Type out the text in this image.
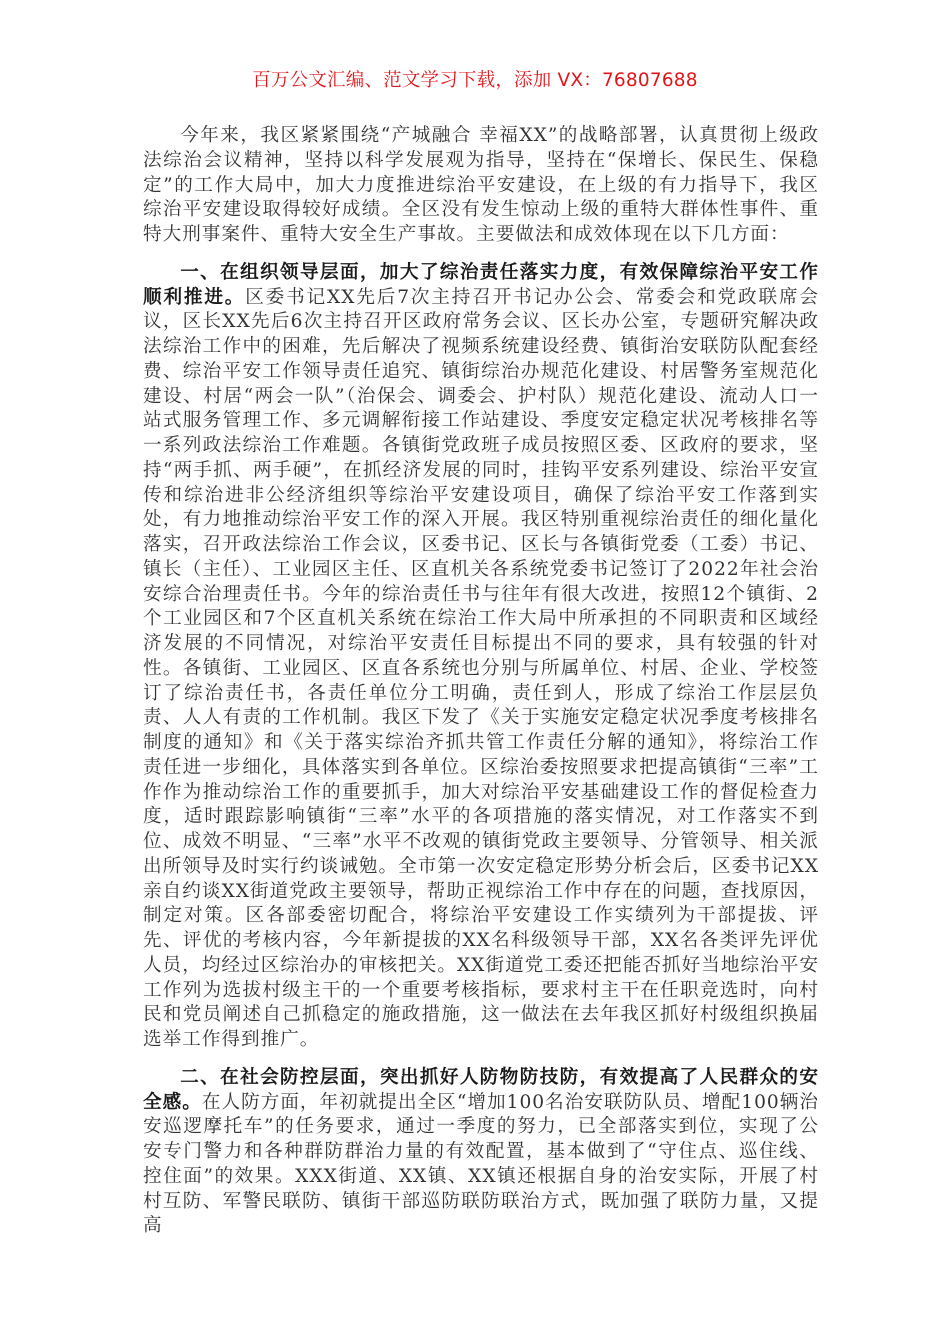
百万公文汇编、范文学习下载，添加 VX：76807688

今年来，我区紧紧围绕“产城融合 幸福XX”的战略部署，认真贯彻上级政法综治会议精神，坚持以科学发展观为指导，坚持在“保增长、保民生、保稳定”的工作大局中，加大力度推进综治平安建设，在上级的有力指导下，我区综治平安建设取得较好成绩。全区没有发生惊动上级的重特大群体性事件、重特大刑事案件、重特大安全生产事故。主要做法和成效体现在以下几方面：

一、在组织领导层面，加大了综治责任落实力度，有效保障综治平安工作顺利推进。区委书记XX先后7次主持召开书记办公会、常委会和党政联席会议，区长XX先后6次主持召开区政府常务会议、区长办公室，专题研究解决政法综治工作中的困难，先后解决了视频系统建设经费、镇街治安联防队配套经费、综治平安工作领导责任追究、镇街综治办规范化建设、村居警务室规范化建设、村居“两会一队”（治保会、调委会、护村队）规范化建设、流动人口一站式服务管理工作、多元调解衔接工作站建设、季度安定稳定状况考核排名等一系列政法综治工作难题。各镇街党政班子成员按照区委、区政府的要求，坚持“两手抓、两手硬”，在抓经济发展的同时，挂钩平安系列建设、综治平安宣传和综治进非公经济组织等综治平安建设项目，确保了综治平安工作落到实处，有力地推动综治平安工作的深入开展。我区特别重视综治责任的细化量化落实，召开政法综治工作会议，区委书记、区长与各镇街党委（工委）书记、镇长（主任）、工业园区主任、区直机关各系统党委书记签订了2022年社会治安综合治理责任书。今年的综治责任书与往年有很大改进，按照12个镇街、2个工业园区和7个区直机关系统在综治工作大局中所承担的不同职责和区域经济发展的不同情况，对综治平安责任目标提出不同的要求，具有较强的针对性。各镇街、工业园区、区直各系统也分别与所属单位、村居、企业、学校签订了综治责任书，各责任单位分工明确，责任到人，形成了综治工作层层负责、人人有责的工作机制。我区下发了《关于实施安定稳定状况季度考核排名制度的通知》和《关于落实综治齐抓共管工作责任分解的通知》，将综治工作责任进一步细化，具体落实到各单位。区综治委按照要求把提高镇街“三率”工作作为推动综治工作的重要抓手，加大对综治平安基础建设工作的督促检查力度，适时跟踪影响镇街“三率”水平的各项措施的落实情况，对工作落实不到位、成效不明显、“三率”水平不改观的镇街党政主要领导、分管领导、相关派出所领导及时实行约谈诫勉。全市第一次安定稳定形势分析会后，区委书记XX亲自约谈XX街道党政主要领导，帮助正视综治工作中存在的问题，查找原因，制定对策。区各部委密切配合，将综治平安建设工作实绩列为干部提拔、评先、评优的考核内容，今年新提拔的XX名科级领导干部，XX名各类评先评优人员，均经过区综治办的审核把关。XX街道党工委还把能否抓好当地综治平安工作列为选拔村级主干的一个重要考核指标，要求村主干在任职竞选时，向村民和党员阐述自己抓稳定的施政措施，这一做法在去年我区抓好村级组织换届选举工作得到推广。

二、在社会防控层面，突出抓好人防物防技防，有效提高了人民群众的安全感。在人防方面，年初就提出全区“增加100名治安联防队员、增配100辆治安巡逻摩托车”的任务要求，通过一季度的努力，已全部落实到位，实现了公安专门警力和各种群防群治力量的有效配置，基本做到了“守住点、巡住线、控住面”的效果。XXX街道、XX镇、XX镇还根据自身的治安实际，开展了村村互防、军警民联防、镇街干部巡防联防联治方式，既加强了联防力量，又提高
